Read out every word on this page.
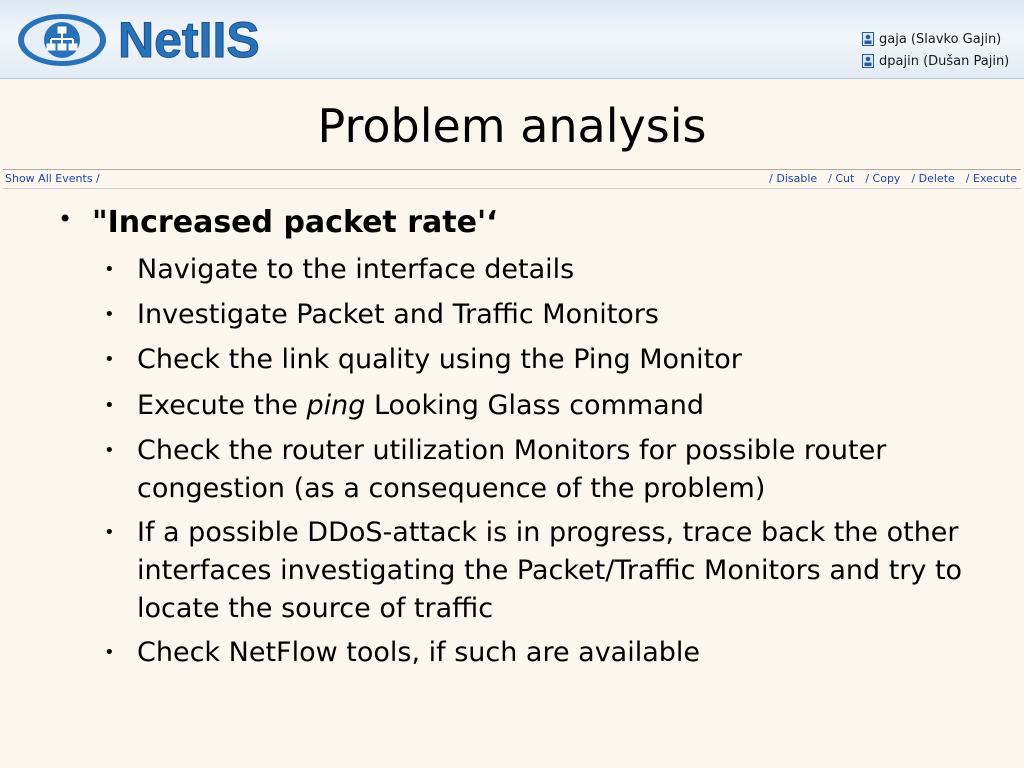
NetIIS	gaja (Slavko Gajin)
dpajin (Dušan Pajin)
Problem analysis
Show All Events /	/ Disable / Cut / Copy / Delete / Execute
• "Increased packet rate'‘
• Navigate to the interface details
• Investigate Packet and Traffic Monitors
• Check the link quality using the Ping Monitor
• Execute the ping Looking Glass command
• Check the router utilization Monitors for possible router congestion (as a consequence of the problem)
• If a possible DDoS-attack is in progress, trace back the other interfaces investigating the Packet/Traffic Monitors and try to locate the source of traffic
• Check NetFlow tools, if such are available
